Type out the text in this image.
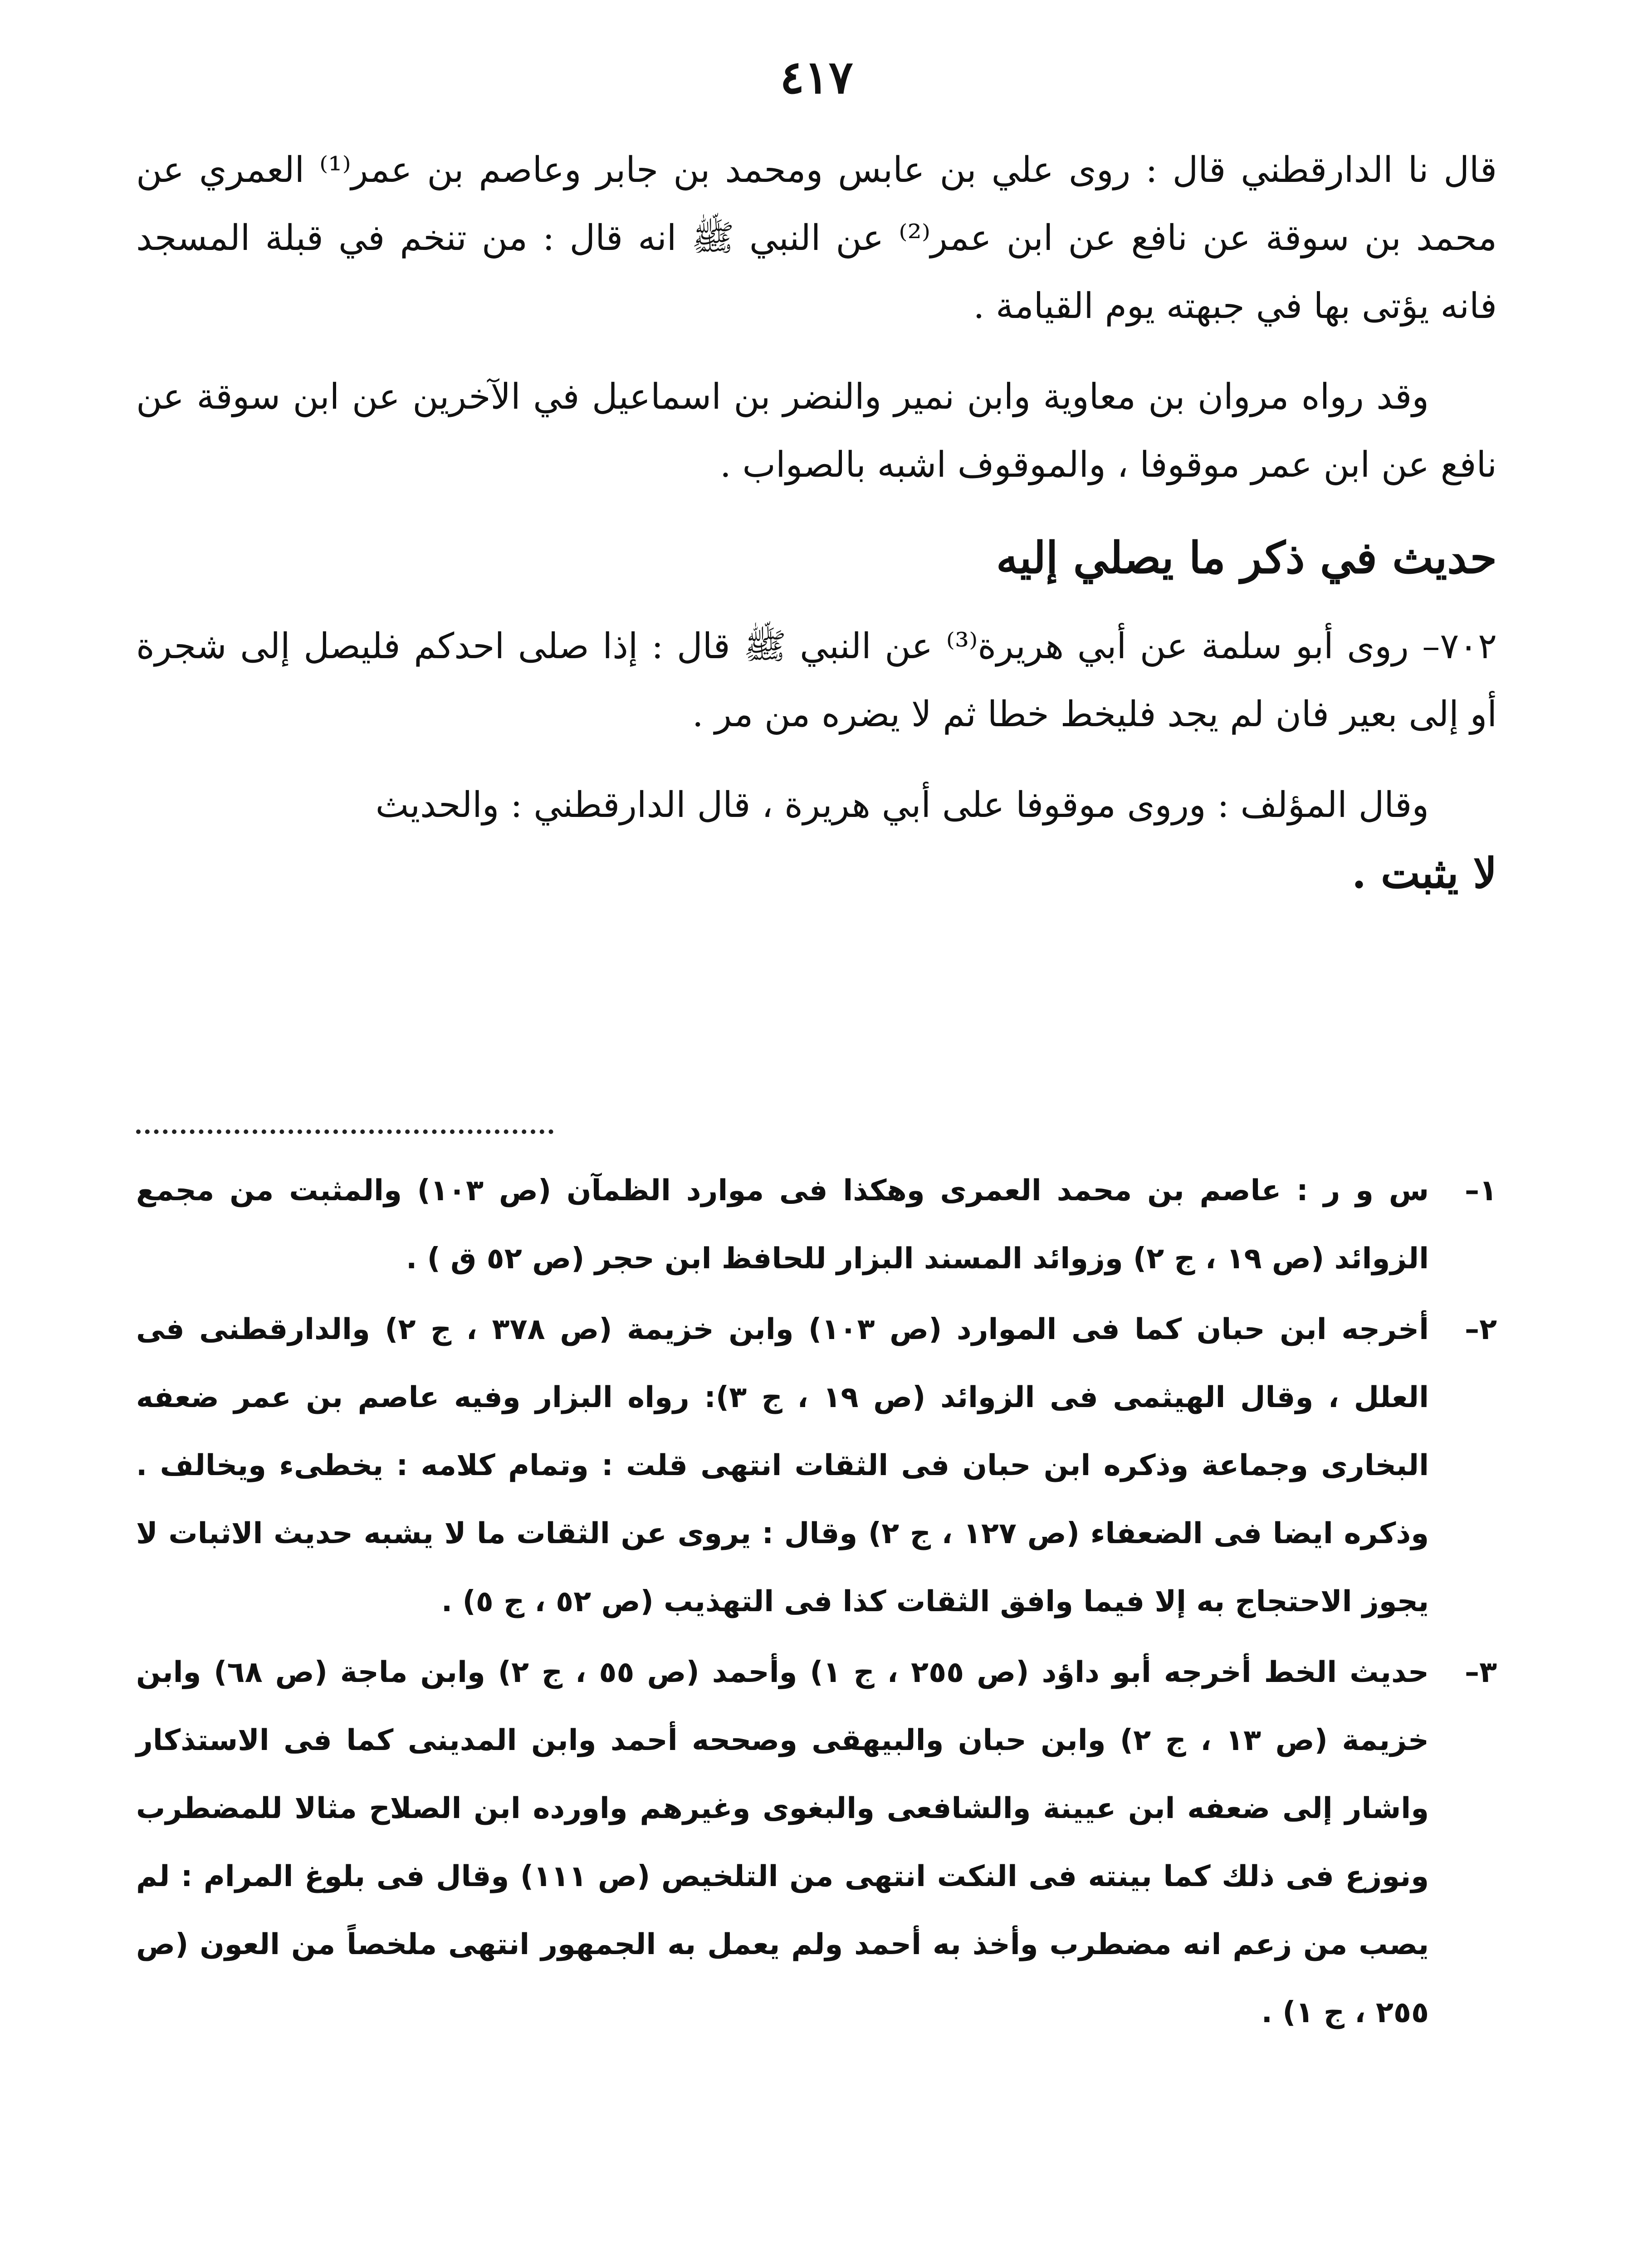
٤١٧

قال نا الدارقطني قال : روى علي بن عابس ومحمد بن جابر وعاصم بن عمر⁽¹⁾ العمري عن محمد بن سوقة عن نافع عن ابن عمر⁽²⁾ عن النبي ﷺ انه قال : من تنخم في قبلة المسجد فانه يؤتى بها في جبهته يوم القيامة .

وقد رواه مروان بن معاوية وابن نمير والنضر بن اسماعيل في الآخرين عن ابن سوقة عن نافع عن ابن عمر موقوفا ، والموقوف اشبه بالصواب .

حديث في ذكر ما يصلي إليه

٧٠٢– روى أبو سلمة عن أبي هريرة⁽³⁾ عن النبي ﷺ قال : إذا صلى احدكم فليصل إلى شجرة أو إلى بعير فان لم يجد فليخط خطا ثم لا يضره من مر .

وقال المؤلف : وروى موقوفا على أبي هريرة ، قال الدارقطني : والحديث
لا يثبت .

١–
س و ر : عاصم بن محمد العمرى وهكذا فى موارد الظمآن (ص ١٠٣) والمثبت من مجمع الزوائد (ص ١٩ ، ج ٢) وزوائد المسند البزار للحافظ ابن حجر (ص ٥٢ ق ) .
٢–
أخرجه ابن حبان كما فى الموارد (ص ١٠٣) وابن خزيمة (ص ٣٧٨ ، ج ٢) والدارقطنى فى العلل ، وقال الهيثمى فى الزوائد (ص ١٩ ، ج ٣): رواه البزار وفيه عاصم بن عمر ضعفه البخارى وجماعة وذكره ابن حبان فى الثقات انتهى قلت : وتمام كلامه : يخطىء ويخالف . وذكره ايضا فى الضعفاء (ص ١٢٧ ، ج ٢) وقال : يروى عن الثقات ما لا يشبه حديث الاثبات لا يجوز الاحتجاج به إلا فيما وافق الثقات كذا فى التهذيب (ص ٥٢ ، ج ٥) .
٣–
حديث الخط أخرجه أبو داؤد (ص ٢٥٥ ، ج ١) وأحمد (ص ٥٥ ، ج ٢) وابن ماجة (ص ٦٨) وابن خزيمة (ص ١٣ ، ج ٢) وابن حبان والبيهقى وصححه أحمد وابن المدينى كما فى الاستذكار واشار إلى ضعفه ابن عيينة والشافعى والبغوى وغيرهم واورده ابن الصلاح مثالا للمضطرب ونوزع فى ذلك كما بينته فى النكت انتهى من التلخيص (ص ١١١) وقال فى بلوغ المرام : لم يصب من زعم انه مضطرب وأخذ به أحمد ولم يعمل به الجمهور انتهى ملخصاً من العون (ص ٢٥٥ ، ج ١) .
